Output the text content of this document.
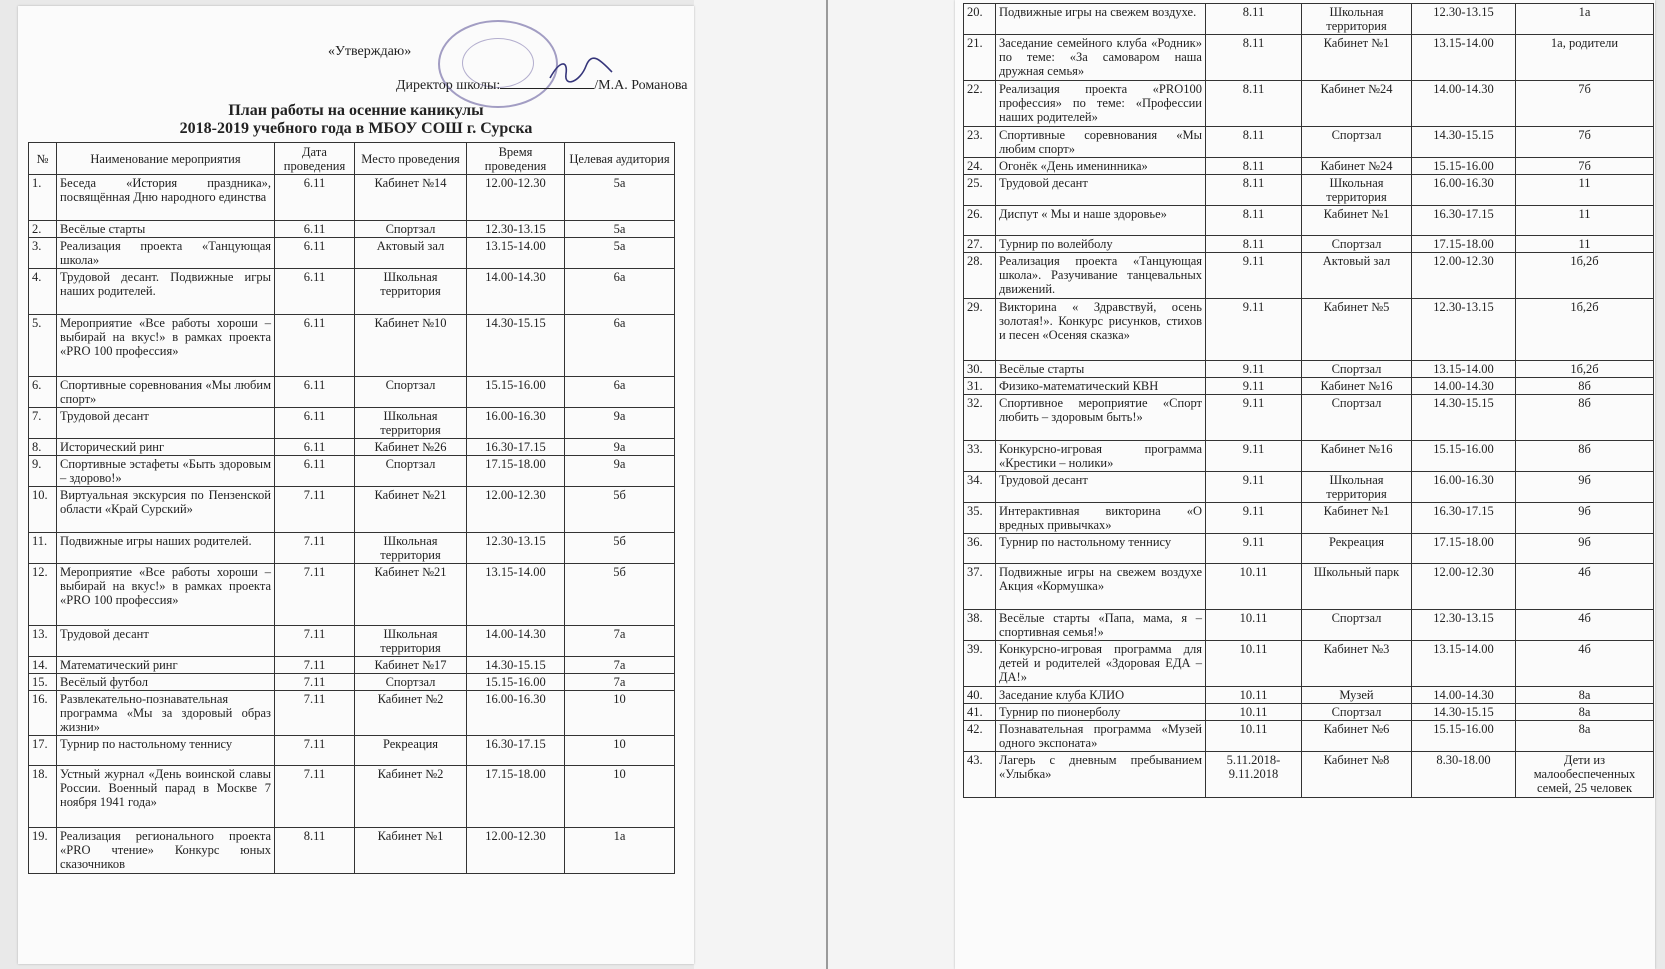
«Утверждаю»
Директор школы:	/М.А. Романова
План работы на осенние каникулы
2018-2019 учебного года в МБОУ СОШ г. Сурска
№	Наименование мероприятия	Дата проведения	Место проведения	Время проведения	Целевая аудитория
1.	Беседа «История праздника», посвящённая Дню народного единства	6.11	Кабинет №14	12.00-12.30	5а
2.	Весёлые старты	6.11	Спортзал	12.30-13.15	5а
3.	Реализация проекта «Танцующая школа»	6.11	Актовый зал	13.15-14.00	5а
4.	Трудовой десант. Подвижные игры наших родителей.	6.11	Школьная территория	14.00-14.30	6а
5.	Мероприятие «Все работы хороши – выбирай на вкус!» в рамках проекта «PRO 100 профессия»	6.11	Кабинет №10	14.30-15.15	6а
6.	Спортивные соревнования «Мы любим спорт»	6.11	Спортзал	15.15-16.00	6а
7.	Трудовой десант	6.11	Школьная территория	16.00-16.30	9а
8.	Исторический ринг	6.11	Кабинет №26	16.30-17.15	9а
9.	Спортивные эстафеты «Быть здоровым – здорово!»	6.11	Спортзал	17.15-18.00	9а
10.	Виртуальная экскурсия по Пензенской области «Край Сурский»	7.11	Кабинет №21	12.00-12.30	5б
11.	Подвижные игры наших родителей.	7.11	Школьная территория	12.30-13.15	5б
12.	Мероприятие «Все работы хороши – выбирай на вкус!» в рамках проекта «PRO 100 профессия»	7.11	Кабинет №21	13.15-14.00	5б
13.	Трудовой десант	7.11	Школьная территория	14.00-14.30	7а
14.	Математический ринг	7.11	Кабинет №17	14.30-15.15	7а
15.	Весёлый футбол	7.11	Спортзал	15.15-16.00	7а
16.	Развлекательно-познавательная программа «Мы за здоровый образ жизни»	7.11	Кабинет №2	16.00-16.30	10
17.	Турнир по настольному теннису	7.11	Рекреация	16.30-17.15	10
18.	Устный журнал «День воинской славы России. Военный парад в Москве 7 ноября 1941 года»	7.11	Кабинет №2	17.15-18.00	10
19.	Реализация регионального проекта «PRO чтение» Конкурс юных сказочников	8.11	Кабинет №1	12.00-12.30	1а
20.	Подвижные игры на свежем воздухе.	8.11	Школьная территория	12.30-13.15	1а
21.	Заседание семейного клуба «Родник» по теме: «За самоваром наша дружная семья»	8.11	Кабинет №1	13.15-14.00	1а, родители
22.	Реализация проекта «PRO100 профессия» по теме: «Профессии наших родителей»	8.11	Кабинет №24	14.00-14.30	7б
23.	Спортивные соревнования «Мы любим спорт»	8.11	Спортзал	14.30-15.15	7б
24.	Огонёк «День именинника»	8.11	Кабинет №24	15.15-16.00	7б
25.	Трудовой десант	8.11	Школьная территория	16.00-16.30	11
26.	Диспут « Мы и наше здоровье»	8.11	Кабинет №1	16.30-17.15	11
27.	Турнир по волейболу	8.11	Спортзал	17.15-18.00	11
28.	Реализация проекта «Танцующая школа». Разучивание танцевальных движений.	9.11	Актовый зал	12.00-12.30	1б,2б
29.	Викторина « Здравствуй, осень золотая!». Конкурс рисунков, стихов и песен «Осеняя сказка»	9.11	Кабинет №5	12.30-13.15	1б,2б
30.	Весёлые старты	9.11	Спортзал	13.15-14.00	1б,2б
31.	Физико-математический КВН	9.11	Кабинет №16	14.00-14.30	8б
32.	Спортивное мероприятие «Спорт любить – здоровым быть!»	9.11	Спортзал	14.30-15.15	8б
33.	Конкурсно-игровая программа «Крестики – нолики»	9.11	Кабинет №16	15.15-16.00	8б
34.	Трудовой десант	9.11	Школьная территория	16.00-16.30	9б
35.	Интерактивная викторина «О вредных привычках»	9.11	Кабинет №1	16.30-17.15	9б
36.	Турнир по настольному теннису	9.11	Рекреация	17.15-18.00	9б
37.	Подвижные игры на свежем воздухе Акция «Кормушка»	10.11	Школьный парк	12.00-12.30	4б
38.	Весёлые старты «Папа, мама, я – спортивная семья!»	10.11	Спортзал	12.30-13.15	4б
39.	Конкурсно-игровая программа для детей и родителей «Здоровая ЕДА – ДА!»	10.11	Кабинет №3	13.15-14.00	4б
40.	Заседание клуба КЛИО	10.11	Музей	14.00-14.30	8а
41.	Турнир по пионерболу	10.11	Спортзал	14.30-15.15	8а
42.	Познавательная программа «Музей одного экспоната»	10.11	Кабинет №6	15.15-16.00	8а
43.	Лагерь с дневным пребыванием «Улыбка»	5.11.2018-9.11.2018	Кабинет №8	8.30-18.00	Дети из малообеспеченных семей, 25 человек
